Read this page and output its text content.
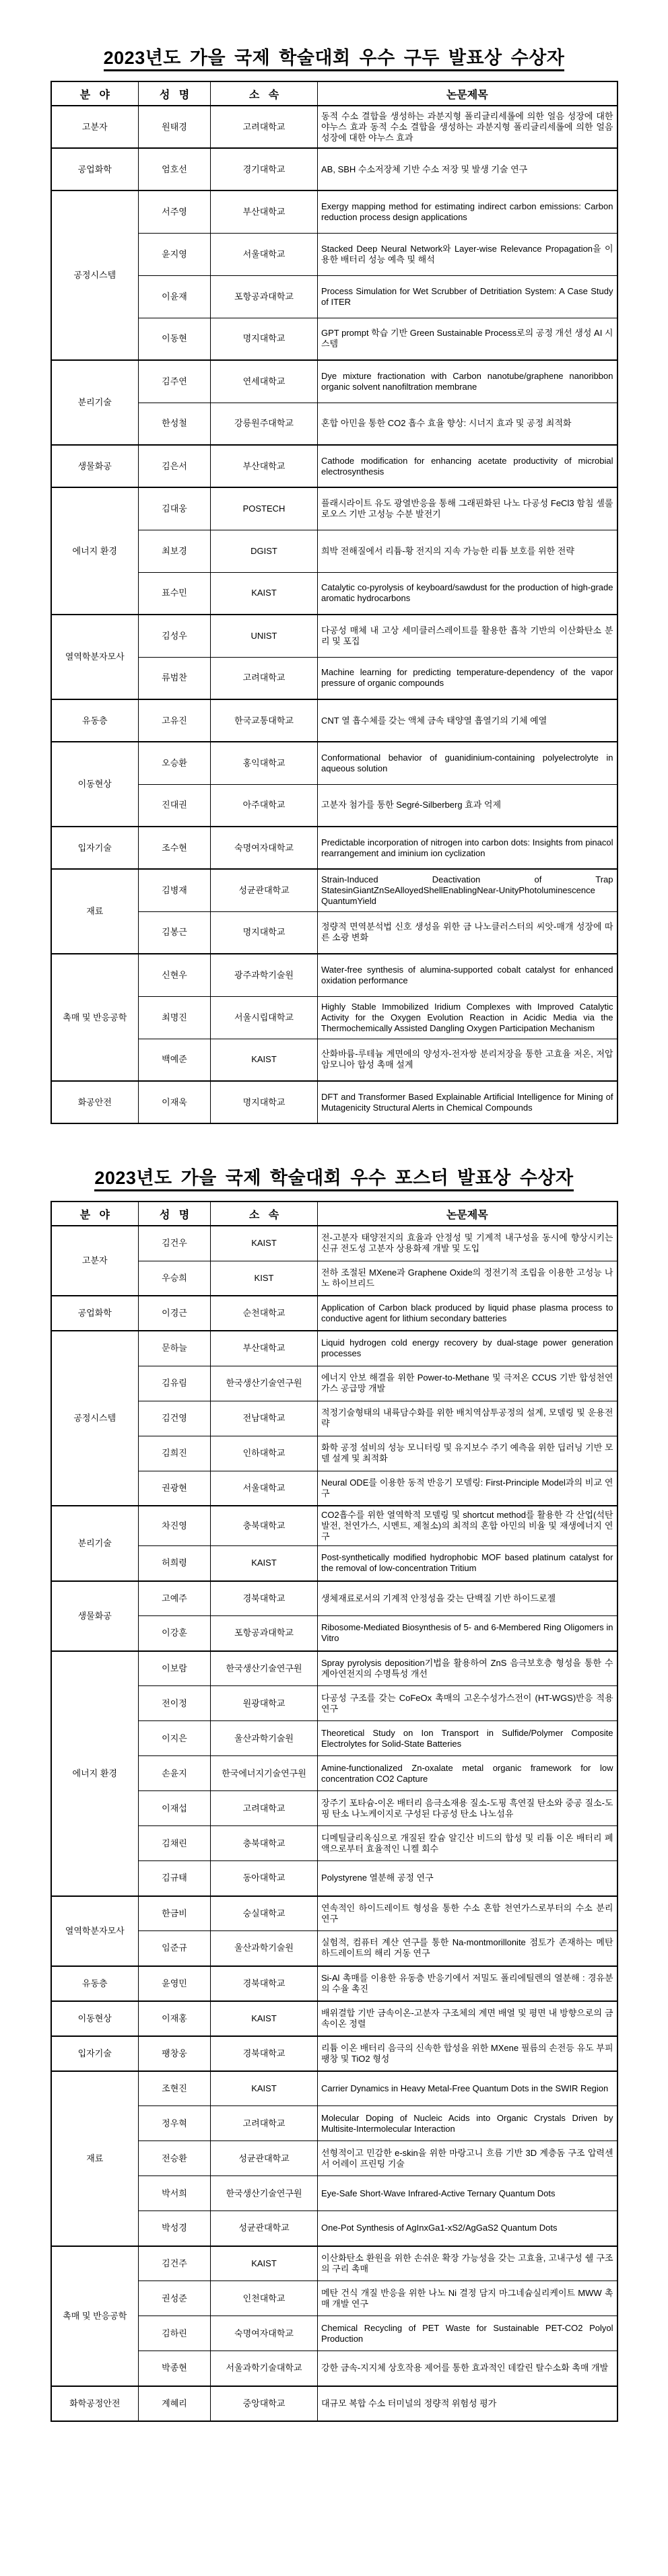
2023년도 가을 국제 학술대회 우수 구두 발표상 수상자
분 야	성 명	소 속	논문제목
고분자	원태경	고려대학교	동적 수소 결합을 생성하는 과분지형 폴리글리세롤에 의한 얼음 성장에 대한 야누스 효과 동적 수소 결합을 생성하는 과분지형 폴리글리세롤에 의한 얼음 성장에 대한 야누스 효과
공업화학	엄호선	경기대학교	AB, SBH 수소저장체 기반 수소 저장 및 발생 기술 연구
공정시스템	서주영	부산대학교	Exergy mapping method for estimating indirect carbon emissions: Carbon reduction process design applications
	윤지영	서울대학교	Stacked Deep Neural Network와 Layer-wise Relevance Propagation을 이용한 배터리 성능 예측 및 해석
	이윤재	포항공과대학교	Process Simulation for Wet Scrubber of Detritiation System: A Case Study of ITER
	이동현	명지대학교	GPT prompt 학습 기반 Green Sustainable Process로의 공정 개선 생성 AI 시스템
분리기술	김주연	연세대학교	Dye mixture fractionation with Carbon nanotube/graphene nanoribbon organic solvent nanofiltration membrane
	한성철	강릉원주대학교	혼합 아민을 통한 CO2 흡수 효율 향상: 시너지 효과 및 공정 최적화
생물화공	김은서	부산대학교	Cathode modification for enhancing acetate productivity of microbial electrosynthesis
에너지 환경	김대웅	POSTECH	플래시라이트 유도 광열반응을 통해 그래핀화된 나노 다공성 FeCl3 함침 셀룰로오스 기반 고성능 수분 발전기
	최보경	DGIST	희박 전해질에서 리튬-황 전지의 지속 가능한 리튬 보호를 위한 전략
	표수민	KAIST	Catalytic co-pyrolysis of keyboard/sawdust for the production of high-grade aromatic hydrocarbons
열역학분자모사	김성우	UNIST	다공성 매체 내 고상 세미클러스레이트를 활용한 흡착 기반의 이산화탄소 분리 및 포집
	류범찬	고려대학교	Machine learning for predicting temperature-dependency of the vapor pressure of organic compounds
유동층	고유진	한국교통대학교	CNT 열 흡수체를 갖는 액체 금속 태양열 흡열기의 기체 예열
이동현상	오승환	홍익대학교	Conformational behavior of guanidinium-containing polyelectrolyte in aqueous solution
	진대권	아주대학교	고분자 첨가를 통한 Segré-Silberberg 효과 억제
입자기술	조수현	숙명여자대학교	Predictable incorporation of nitrogen into carbon dots: Insights from pinacol rearrangement and iminium ion cyclization
재료	김병재	성균관대학교	Strain-Induced Deactivation of Trap StatesinGiantZnSeAlloyedShellEnablingNear-UnityPhotoluminescence QuantumYield
	김봉근	명지대학교	정량적 면역분석법 신호 생성을 위한 금 나노클러스터의 씨앗-매개 성장에 따른 소광 변화
촉매 및 반응공학	신현우	광주과학기술원	Water-free synthesis of alumina-supported cobalt catalyst for enhanced oxidation performance
	최명진	서울시립대학교	Highly Stable Immobilized Iridium Complexes with Improved Catalytic Activity for the Oxygen Evolution Reaction in Acidic Media via the Thermochemically Assisted Dangling Oxygen Participation Mechanism
	백예준	KAIST	산화바륨-루테늄 계면에의 양성자-전자쌍 분리저장을 통한 고효율 저온, 저압 암모니아 합성 촉매 설계
화공안전	이재욱	명지대학교	DFT and Transformer Based Explainable Artificial Intelligence for Mining of Mutagenicity Structural Alerts in Chemical Compounds
2023년도 가을 국제 학술대회 우수 포스터 발표상 수상자
분 야	성 명	소 속	논문제목
고분자	김건우	KAIST	전-고분자 태양전지의 효율과 안정성 및 기계적 내구성을 동시에 향상시키는 신규 전도성 고분자 상용화제 개발 및 도입
	우승희	KIST	전하 조절된 MXene과 Graphene Oxide의 정전기적 조립을 이용한 고성능 나노 하이브리드
공업화학	이경근	순천대학교	Application of Carbon black produced by liquid phase plasma process to conductive agent for lithium secondary batteries
공정시스템	문하늘	부산대학교	Liquid hydrogen cold energy recovery by dual-stage power generation processes
	김유림	한국생산기술연구원	에너지 안보 해결을 위한 Power-to-Methane 및 극저온 CCUS 기반 합성천연가스 공급망 개발
	김건영	전남대학교	적정기술형태의 내륙담수화를 위한 배치역삼투공정의 설계, 모델링 및 운용전략
	김희진	인하대학교	화학 공정 설비의 성능 모니터링 및 유지보수 주기 예측을 위한 딥러닝 기반 모델 설계 및 최적화
	권광현	서울대학교	Neural ODE를 이용한 동적 반응기 모델링: First-Principle Model과의 비교 연구
분리기술	차진영	충북대학교	CO2흡수를 위한 열역학적 모델링 및 shortcut method를 활용한 각 산업(석탄발전, 천연가스, 시멘트, 제철소)의 최적의 혼합 아민의 비율 및 재생에너지 연구
	허희령	KAIST	Post-synthetically modified hydrophobic MOF based platinum catalyst for the removal of low-concentration Tritium
생물화공	고예주	경북대학교	생체재료로서의 기계적 안정성을 갖는 단백질 기반 하이드로젤
	이강훈	포항공과대학교	Ribosome-Mediated Biosynthesis of 5- and 6-Membered Ring Oligomers in Vitro
에너지 환경	이보람	한국생산기술연구원	Spray pyrolysis deposition기법을 활용하여 ZnS 음극보호층 형성을 통한 수계아연전지의 수명특성 개선
	전이정	원광대학교	다공성 구조를 갖는 CoFeOx 촉매의 고온수성가스전이 (HT-WGS)반응 적용 연구
	이지은	울산과학기술원	Theoretical Study on Ion Transport in Sulfide/Polymer Composite Electrolytes for Solid-State Batteries
	손윤지	한국에너지기술연구원	Amine-functionalized Zn-oxalate metal organic framework for low concentration CO2 Capture
	이재섭	고려대학교	장주기 포타슘-이온 배터리 음극소재용 질소-도핑 흑연질 탄소와 중공 질소-도핑 탄소 나노케이지로 구성된 다공성 탄소 나노섬유
	김채린	충북대학교	디메틸글리옥심으로 개질된 칼슘 알긴산 비드의 합성 및 리튬 이온 배터리 폐액으로부터 효율적인 니켈 회수
	김규태	동아대학교	Polystyrene 열분해 공정 연구
열역학분자모사	한금비	숭실대학교	연속적인 하이드레이트 형성을 통한 수소 혼합 천연가스로부터의 수소 분리 연구
	임준규	울산과학기술원	실험적, 컴퓨터 계산 연구를 통한 Na-montmorillonite 점토가 존재하는 메탄 하드레이트의 해리 거동 연구
유동층	윤영민	경북대학교	Si-Al 촉매를 이용한 유동층 반응기에서 저밀도 폴리에틸렌의 열분해 : 경유분의 수율 촉진
이동현상	이재홍	KAIST	배위결합 기반 금속이온-고분자 구조체의 계면 배열 및 평면 내 방향으로의 금속이온 정렬
입자기술	팽창웅	경북대학교	리튬 이온 배터리 음극의 신속한 합성을 위한 MXene 필름의 손전등 유도 부피 팽창 및 TiO2 형성
재료	조현진	KAIST	Carrier Dynamics in Heavy Metal-Free Quantum Dots in the SWIR Region
	정우혁	고려대학교	Molecular Doping of Nucleic Acids into Organic Crystals Driven by Multisite-Intermolecular Interaction
	전승환	성균관대학교	선형적이고 민감한 e-skin을 위한 마랑고니 흐름 기반 3D 계층돔 구조 압력센서 어레이 프린팅 기술
	박서희	한국생산기술연구원	Eye-Safe Short-Wave Infrared-Active Ternary Quantum Dots
	박성경	성균관대학교	One-Pot Synthesis of AgInxGa1-xS2/AgGaS2 Quantum Dots
촉매 및 반응공학	김건주	KAIST	이산화탄소 환원을 위한 손쉬운 확장 가능성을 갖는 고효율, 고내구성 쉘 구조의 구리 촉매
	권성준	인천대학교	메탄 건식 개질 반응을 위한 나노 Ni 결정 담지 마그네슘실리케이트 MWW 촉매 개발 연구
	김하린	숙명여자대학교	Chemical Recycling of PET Waste for Sustainable PET-CO2 Polyol Production
	박종현	서울과학기술대학교	강한 금속-지지체 상호작용 제어를 통한 효과적인 데칼린 탈수소화 촉매 개발
화학공정안전	계혜리	중앙대학교	대규모 복합 수소 터미널의 정량적 위험성 평가
